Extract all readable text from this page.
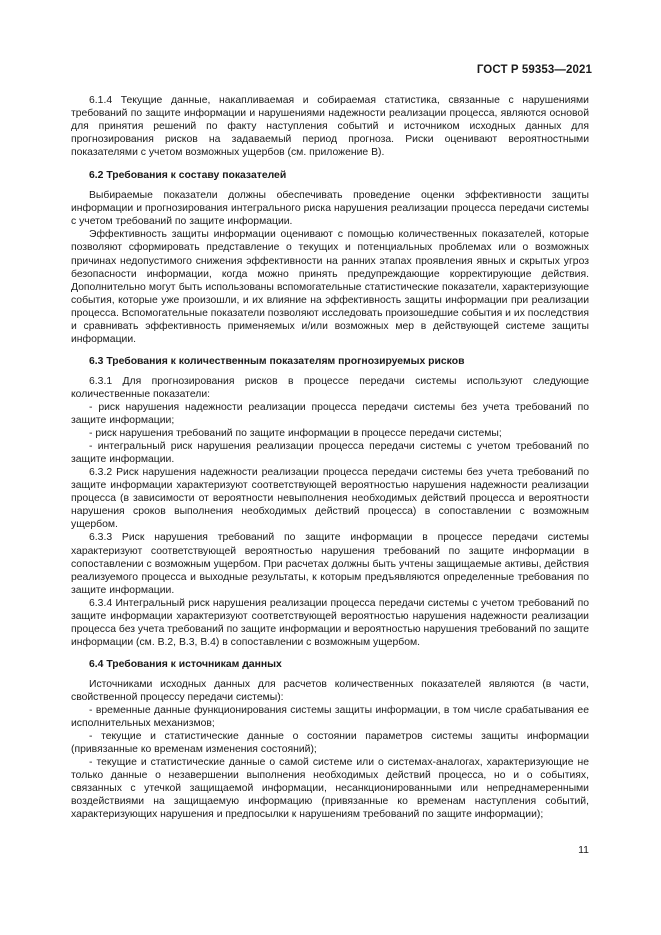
ГОСТ Р 59353—2021

6.1.4 Текущие данные, накапливаемая и собираемая статистика, связанные с нарушениями требований по защите информации и нарушениями надежности реализации процесса, являются основой для принятия решений по факту наступления событий и источником исходных данных для прогнозирования рисков на задаваемый период прогноза. Риски оценивают вероятностными показателями с учетом возможных ущербов (см. приложение В).

6.2 Требования к составу показателей

Выбираемые показатели должны обеспечивать проведение оценки эффективности защиты информации и прогнозирования интегрального риска нарушения реализации процесса передачи системы с учетом требований по защите информации.

Эффективность защиты информации оценивают с помощью количественных показателей, которые позволяют сформировать представление о текущих и потенциальных проблемах или о возможных причинах недопустимого снижения эффективности на ранних этапах проявления явных и скрытых угроз безопасности информации, когда можно принять предупреждающие корректирующие действия. Дополнительно могут быть использованы вспомогательные статистические показатели, характеризующие события, которые уже произошли, и их влияние на эффективность защиты информации при реализации процесса. Вспомогательные показатели позволяют исследовать произошедшие события и их последствия и сравнивать эффективность применяемых и/или возможных мер в действующей системе защиты информации.

6.3 Требования к количественным показателям прогнозируемых рисков

6.3.1 Для прогнозирования рисков в процессе передачи системы используют следующие количественные показатели:

- риск нарушения надежности реализации процесса передачи системы без учета требований по защите информации;

- риск нарушения требований по защите информации в процессе передачи системы;

- интегральный риск нарушения реализации процесса передачи системы с учетом требований по защите информации.

6.3.2 Риск нарушения надежности реализации процесса передачи системы без учета требований по защите информации характеризуют соответствующей вероятностью нарушения надежности реализации процесса (в зависимости от вероятности невыполнения необходимых действий процесса и вероятности нарушения сроков выполнения необходимых действий процесса) в сопоставлении с возможным ущербом.

6.3.3 Риск нарушения требований по защите информации в процессе передачи системы характеризуют соответствующей вероятностью нарушения требований по защите информации в сопоставлении с возможным ущербом. При расчетах должны быть учтены защищаемые активы, действия реализуемого процесса и выходные результаты, к которым предъявляются определенные требования по защите информации.

6.3.4 Интегральный риск нарушения реализации процесса передачи системы с учетом требований по защите информации характеризуют соответствующей вероятностью нарушения надежности реализации процесса без учета требований по защите информации и вероятностью нарушения требований по защите информации (см. В.2, В.3, В.4) в сопоставлении с возможным ущербом.

6.4 Требования к источникам данных

Источниками исходных данных для расчетов количественных показателей являются (в части, свойственной процессу передачи системы):

- временные данные функционирования системы защиты информации, в том числе срабатывания ее исполнительных механизмов;

- текущие и статистические данные о состоянии параметров системы защиты информации (привязанные ко временам изменения состояний);

- текущие и статистические данные о самой системе или о системах-аналогах, характеризующие не только данные о незавершении выполнения необходимых действий процесса, но и о событиях, связанных с утечкой защищаемой информации, несанкционированными или непреднамеренными воздействиями на защищаемую информацию (привязанные ко временам наступления событий, характеризующих нарушения и предпосылки к нарушениям требований по защите информации);

11
